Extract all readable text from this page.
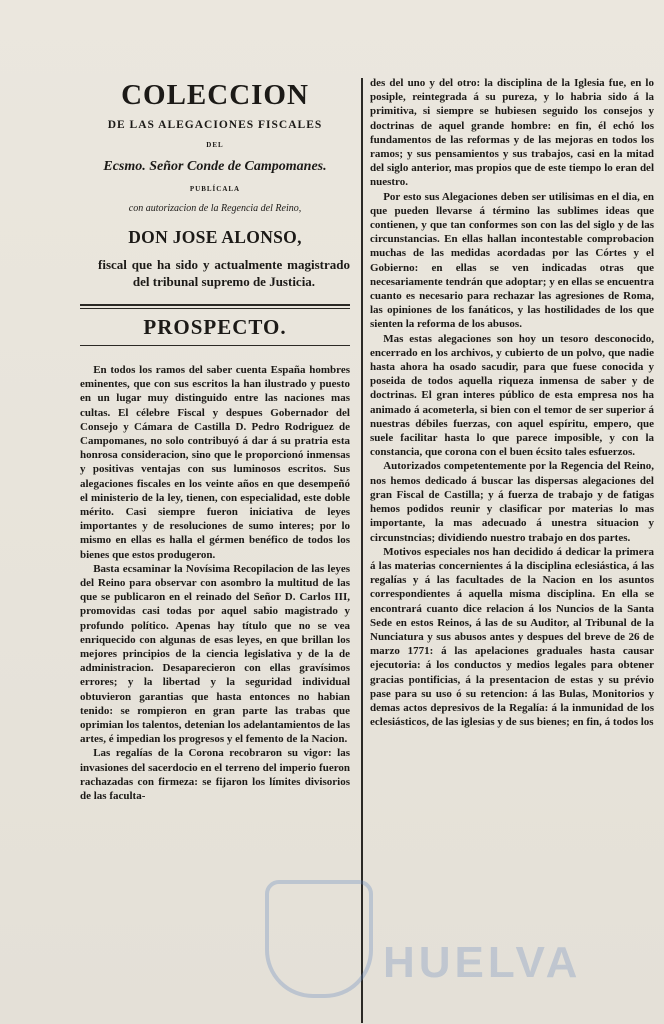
COLECCION
DE LAS ALEGACIONES FISCALES
DEL
Ecsmo. Señor Conde de Campomanes.
PUBLÍCALA
con autorizacion de la Regencia del Reino,
DON JOSE ALONSO,
fiscal que ha sido y actualmente magistrado del tribunal supremo de Justicia.
PROSPECTO.

En todos los ramos del saber cuenta España hombres eminentes, que con sus escritos la han ilustrado y puesto en un lugar muy distinguido entre las naciones mas cultas. El célebre Fiscal y despues Gobernador del Consejo y Cámara de Castilla D. Pedro Rodriguez de Campomanes, no solo contribuyó á dar á su pratria esta honrosa consideracion, sino que le proporcionó inmensas y positivas ventajas con sus luminosos escritos. Sus alegaciones fiscales en los veinte años en que desempeñó el ministerio de la ley, tienen, con especialidad, este doble mérito. Casi siempre fueron iniciativa de leyes importantes y de resoluciones de sumo interes; por lo mismo en ellas es halla el gérmen benéfico de todos los bienes que estos produgeron.

Basta ecsaminar la Novísima Recopilacion de las leyes del Reino para observar con asombro la multitud de las que se publicaron en el reinado del Señor D. Carlos III, promovidas casi todas por aquel sabio magistrado y profundo político. Apenas hay título que no se vea enriquecido con algunas de esas leyes, en que brillan los mejores principios de la ciencia legislativa y de la de administracion. Desaparecieron con ellas gravísimos errores; y la libertad y la seguridad individual obtuvieron garantias que hasta entonces no habian tenido: se rompieron en gran parte las trabas que oprimian los talentos, detenian los adelantamientos de las artes, é impedian los progresos y el femento de la Nacion.

Las regalías de la Corona recobraron su vigor: las invasiones del sacerdocio en el terreno del imperio fueron rachazadas con firmeza: se fijaron los límites divisorios de las faculta-

des del uno y del otro: la disciplina de la Iglesia fue, en lo posiple, reintegrada á su pureza, y lo habria sido á la primitiva, si siempre se hubiesen seguido los consejos y doctrinas de aquel grande hombre: en fin, él echó los fundamentos de las reformas y de las mejoras en todos los ramos; y sus pensamientos y sus trabajos, casi en la mitad del siglo anterior, mas propios que de este tiempo lo eran del nuestro.

Por esto sus Alegaciones deben ser utilisimas en el dia, en que pueden llevarse á término las sublimes ideas que contienen, y que tan conformes son con las del siglo y de las circunstancias. En ellas hallan incontestable comprobacion muchas de las medidas acordadas por las Córtes y el Gobierno: en ellas se ven indicadas otras que necesariamente tendrán que adoptar; y en ellas se encuentra cuanto es necesario para rechazar las agresiones de Roma, las opiniones de los fanáticos, y las hostilidades de los que sienten la reforma de los abusos.

Mas estas alegaciones son hoy un tesoro desconocido, encerrado en los archivos, y cubierto de un polvo, que nadie hasta ahora ha osado sacudir, para que fuese conocida y poseida de todos aquella riqueza inmensa de saber y de doctrinas. El gran interes público de esta empresa nos ha animado á acometerla, si bien con el temor de ser superior á nuestras débiles fuerzas, con aquel espíritu, empero, que suele facilitar hasta lo que parece imposible, y con la constancia, que corona con el buen écsito tales esfuerzos.

Autorizados competentemente por la Regencia del Reino, nos hemos dedicado á buscar las dispersas alegaciones del gran Fiscal de Castilla; y á fuerza de trabajo y de fatigas hemos podidos reunir y clasificar por materias lo mas importante, la mas adecuado á unestra situacion y circunstncias; dividiendo nuestro trabajo en dos partes.

Motivos especiales nos han decidido á dedicar la primera á las materias concernientes á la disciplina eclesiástica, á las regalías y á las facultades de la Nacion en los asuntos correspondientes á aquella misma disciplina. En ella se encontrará cuanto dice relacion á los Nuncios de la Santa Sede en estos Reinos, á las de su Auditor, al Tribunal de la Nunciatura y sus abusos antes y despues del breve de 26 de marzo 1771: á las apelaciones graduales hasta causar ejecutoria: á los conductos y medios legales para obtener gracias pontificias, á la presentacion de estas y su prévio pase para su uso ó su retencion: á las Bulas, Monitorios y demas actos depresivos de la Regalía: á la inmunidad de los eclesiásticos, de las iglesias y de sus bienes; en fin, á todos los

HUELVA
